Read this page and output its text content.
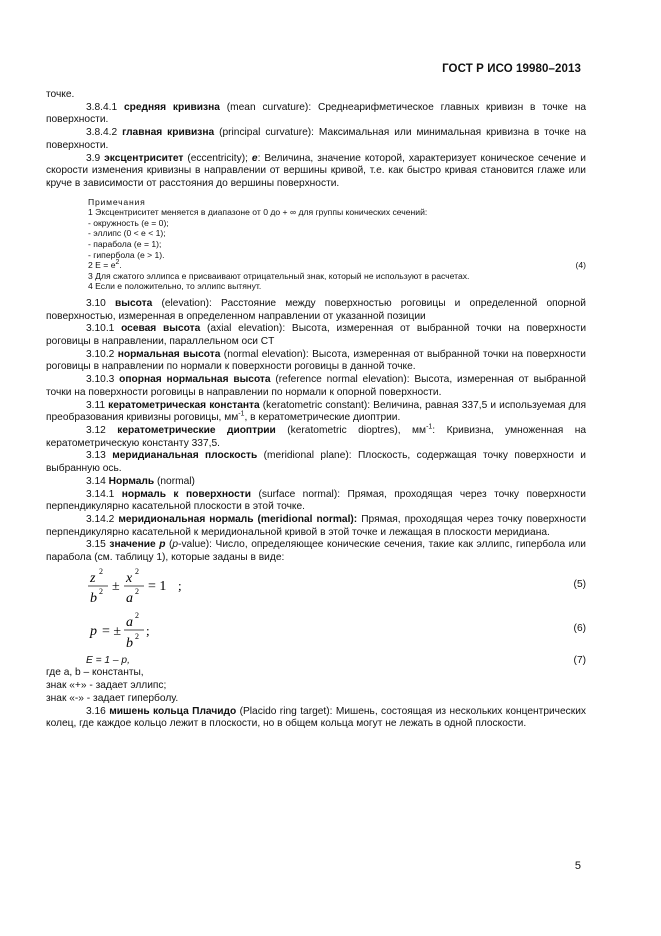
ГОСТ Р ИСО 19980–2013

точке.

3.8.4.1 средняя кривизна (mean curvature): Среднеарифметическое главных кривизн в точке на поверхности.

3.8.4.2 главная кривизна (principal curvature): Максимальная или минимальная кривизна в точке на поверхности.

3.9 эксцентриситет (eccentricity); e: Величина, значение которой, характеризует коническое сечение и скорости изменения кривизны в направлении от вершины кривой, т.е. как быстро кривая становится глаже или круче в зависимости от расстояния до вершины поверхности.

Примечания

1 Эксцентриситет меняется в диапазоне от 0 до + ∞ для группы конических сечений:

- окружность (e = 0);

- эллипс (0 < e < 1);

- парабола (e = 1);

- гипербола (e > 1).

2 $E = e^2$.	(4)

3 Для сжатого эллипса e присваивают отрицательный знак, который не используют в расчетах.

4 Если e положительно, то эллипс вытянут.

3.10 высота (elevation): Расстояние между поверхностью роговицы и определенной опорной поверхностью, измеренная в определенном направлении от указанной позиции

3.10.1 осевая высота (axial elevation): Высота, измеренная от выбранной точки на поверхности роговицы в направлении, параллельном оси CT

3.10.2 нормальная высота (normal elevation): Высота, измеренная от выбранной точки на поверхности роговицы в направлении по нормали к поверхности роговицы в данной точке.

3.10.3 опорная нормальная высота (reference normal elevation): Высота, измеренная от выбранной точки на поверхности роговицы в направлении по нормали к опорной поверхности.

3.11 кератометрическая константа (keratometric constant): Величина, равная 337,5 и используемая для преобразования кривизны роговицы, $мм^{-1}$, в кератометрические диоптрии.

3.12 кератометрические диоптрии (keratometric dioptres), $мм^{-1}$: Кривизна, умноженная на кератометрическую константу 337,5.

3.13 меридианальная плоскость (meridional plane): Плоскость, содержащая точку поверхности и выбранную ось.

3.14 Нормаль (normal)

3.14.1 нормаль к поверхности (surface normal): Прямая, проходящая через точку поверхности перпендикулярно касательной плоскости в этой точке.

3.14.2 меридиональная нормаль (meridional normal): Прямая, проходящая через точку поверхности перпендикулярно касательной к меридиональной кривой в этой точке и лежащая в плоскости меридиана.

3.15 значение p (p-value): Число, определяющее конические сечения, такие как эллипс, гипербола или парабола (см. таблицу 1), которые заданы в виде:

z 2
b 2 ±
x 2
a 2 = 1 ;	(5)
p = ±
a 2
b 2 ;	(6)

E = 1 – p,	(7)

где a, b – константы,

знак «+» - задает эллипс;

знак «-» - задает гиперболу.

3.16 мишень кольца Плачидо (Placido ring target): Мишень, состоящая из нескольких концентрических колец, где каждое кольцо лежит в плоскости, но в общем кольца могут не лежать в одной плоскости.

5
